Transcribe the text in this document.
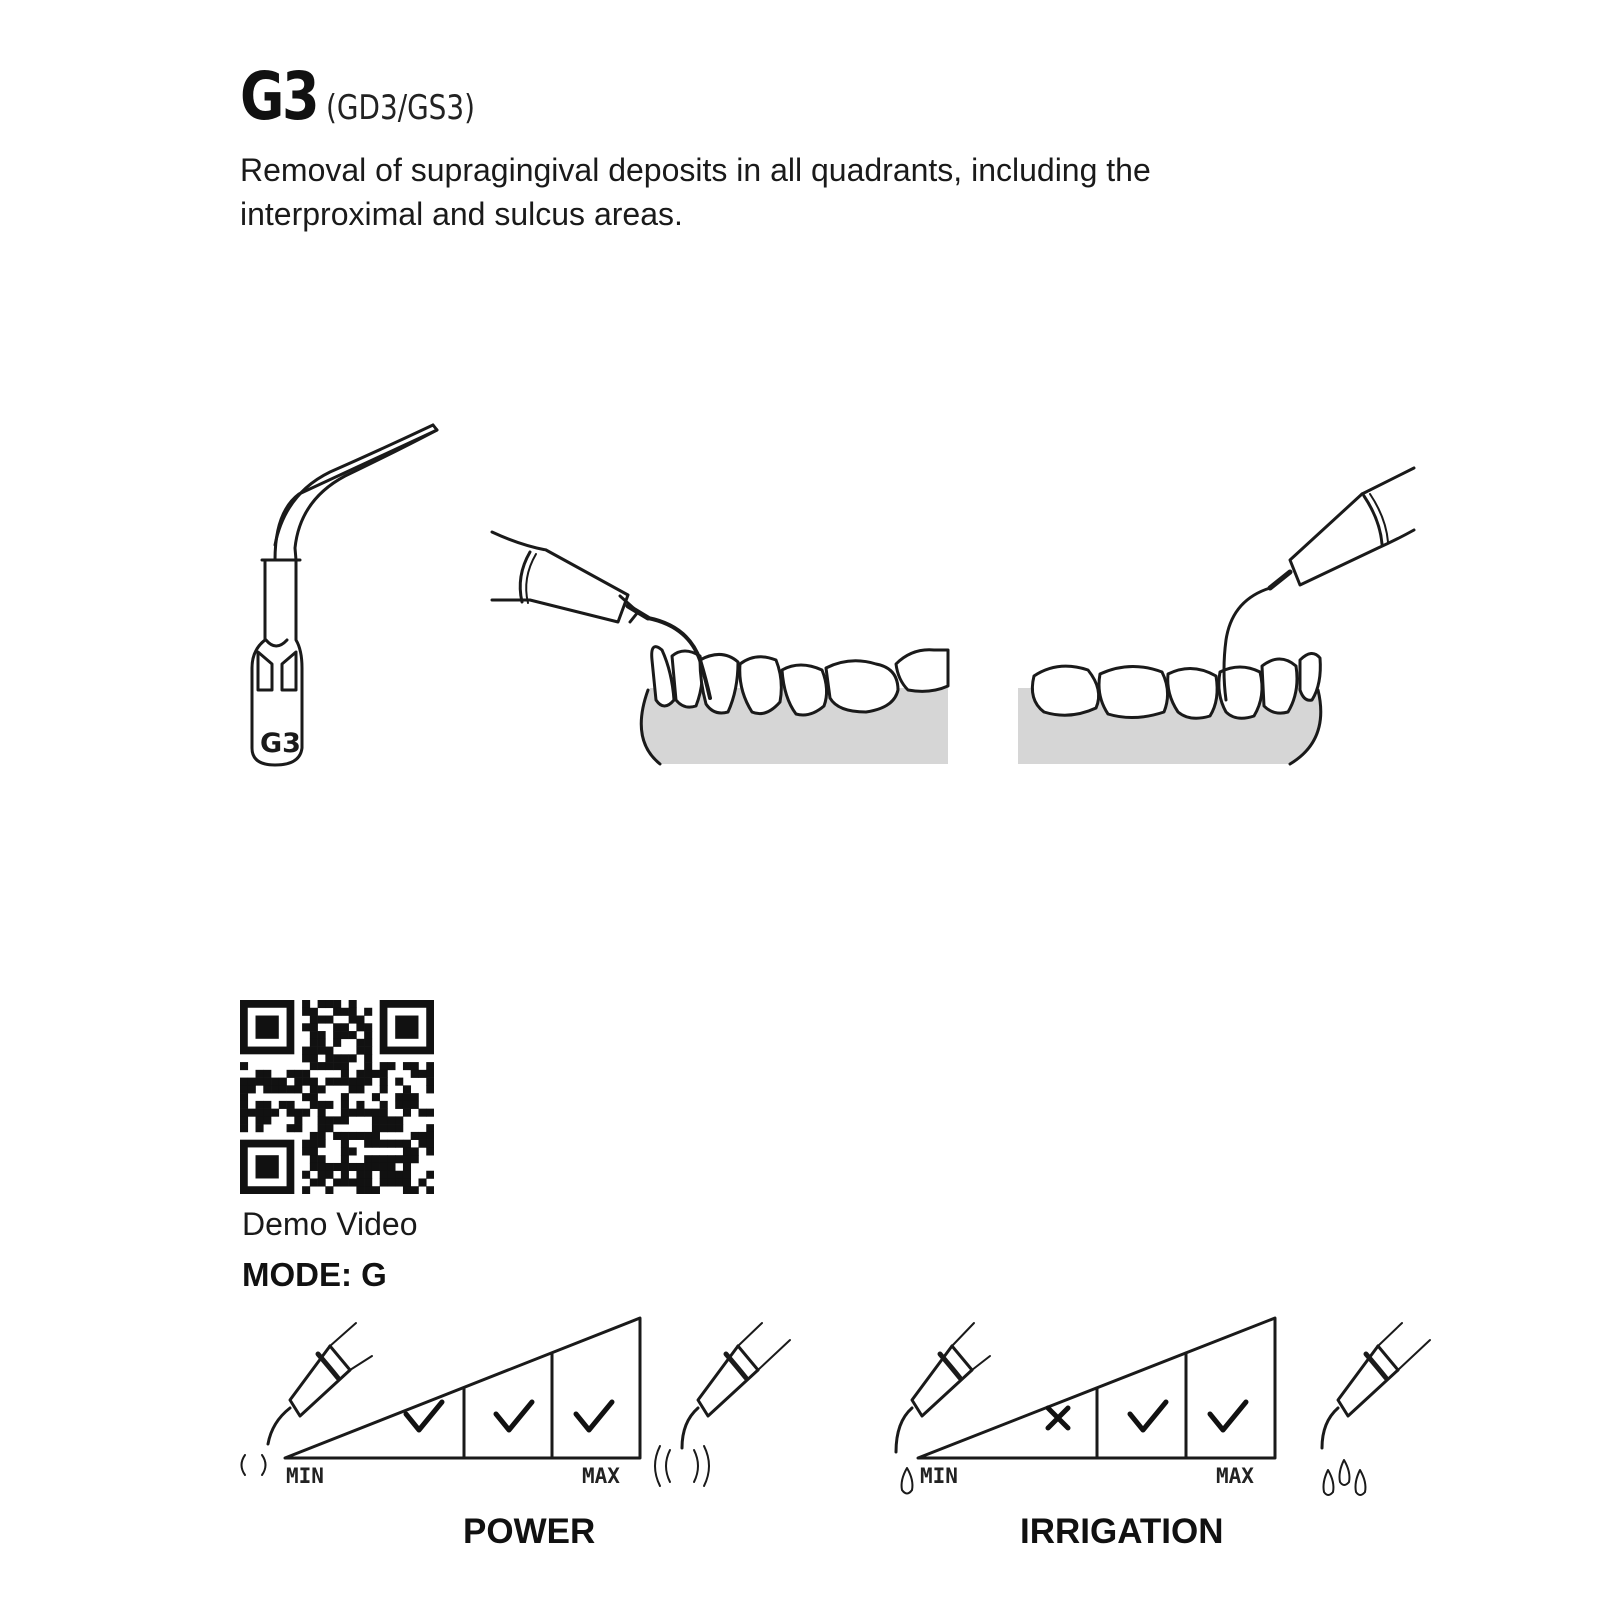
G3 (GD3/GS3)
Removal of supragingival deposits in all quadrants, including the interproximal and sulcus areas.
G3
Demo Video
MODE: G
MIN	MAX
POWER
MIN	MAX
IRRIGATION
